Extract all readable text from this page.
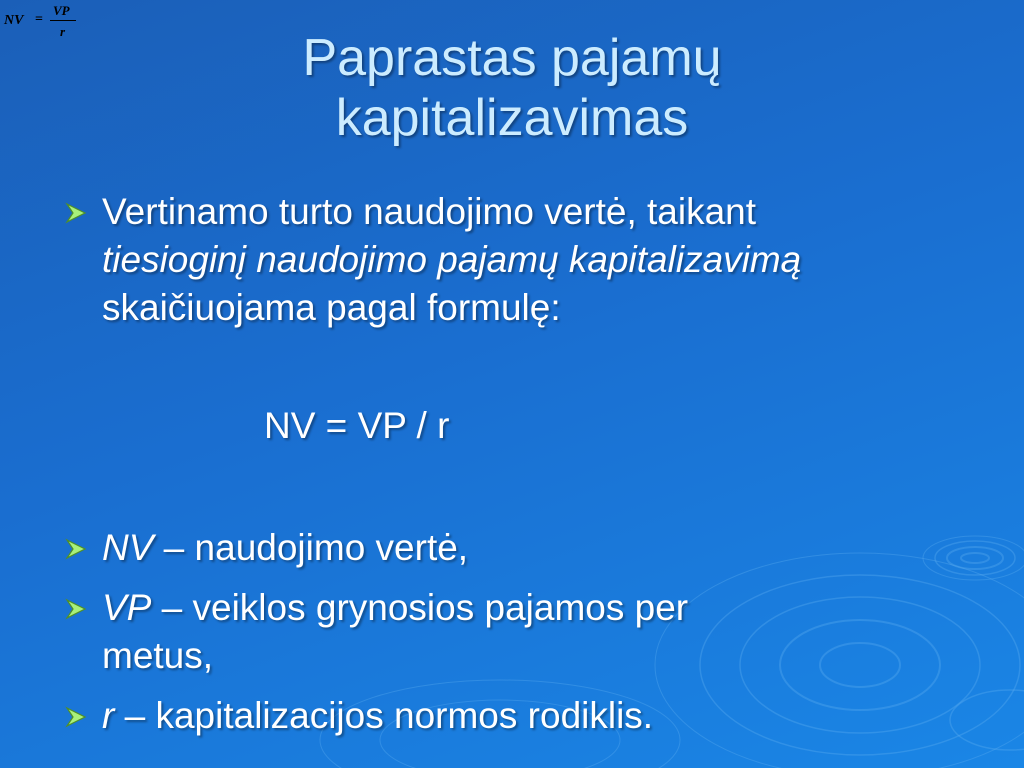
NV =
VP
r	Paprastas pajamų
kapitalizavimas
Vertinamo turto naudojimo vertė, taikant
tiesioginį naudojimo pajamų kapitalizavimą
skaičiuojama pagal formulę:
NV = VP / r
NV – naudojimo vertė,
VP – veiklos grynosios pajamos per
metus,
r – kapitalizacijos normos rodiklis.
